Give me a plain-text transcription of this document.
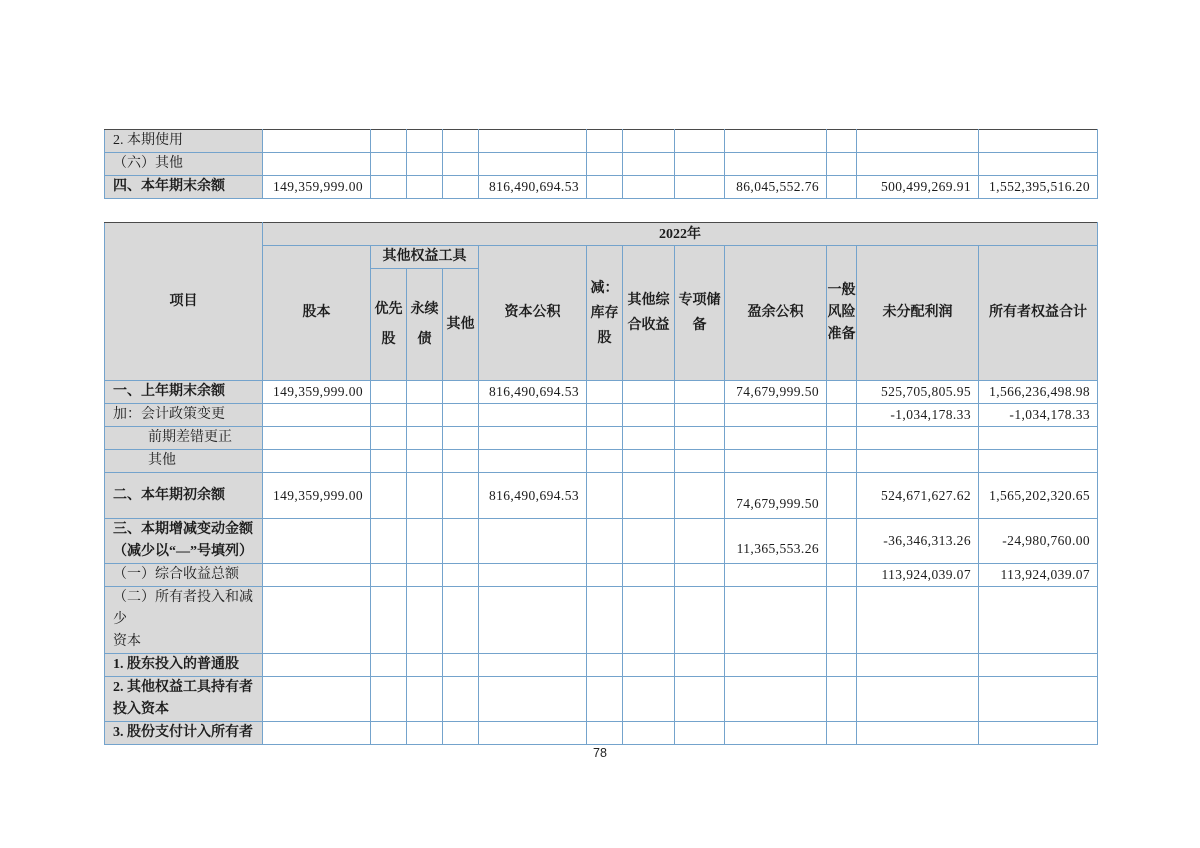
2. 本期使用												

（六）其他												

四、本年期末余额	149,359,999.00				816,490,694.53				86,045,552.76		500,499,269.91	1,552,395,516.20
项目	2022年											
	股本	其他权益工具			资本公积	减：库存股	其他综合收益	专项储备	盈余公积	一般风险准备	未分配利润	所有者权益合计
		优先股	永续债	其他								

一、上年期末余额	149,359,999.00				816,490,694.53				74,679,999.50		525,705,805.95	1,566,236,498.98

加：会计政策变更											-1,034,178.33	-1,034,178.33

前期差错更正												

其他												

二、本年期初余额	149,359,999.00				816,490,694.53				74,679,999.50		524,671,627.62	1,565,202,320.65

三、本期增减变动金额
（减少以“—”号填列）									11,365,553.26		-36,346,313.26	-24,980,760.00

（一）综合收益总额											113,924,039.07	113,924,039.07

（二）所有者投入和减少
资本												

1. 股东投入的普通股												

2. 其他权益工具持有者
投入资本												

3. 股份支付计入所有者												

78
